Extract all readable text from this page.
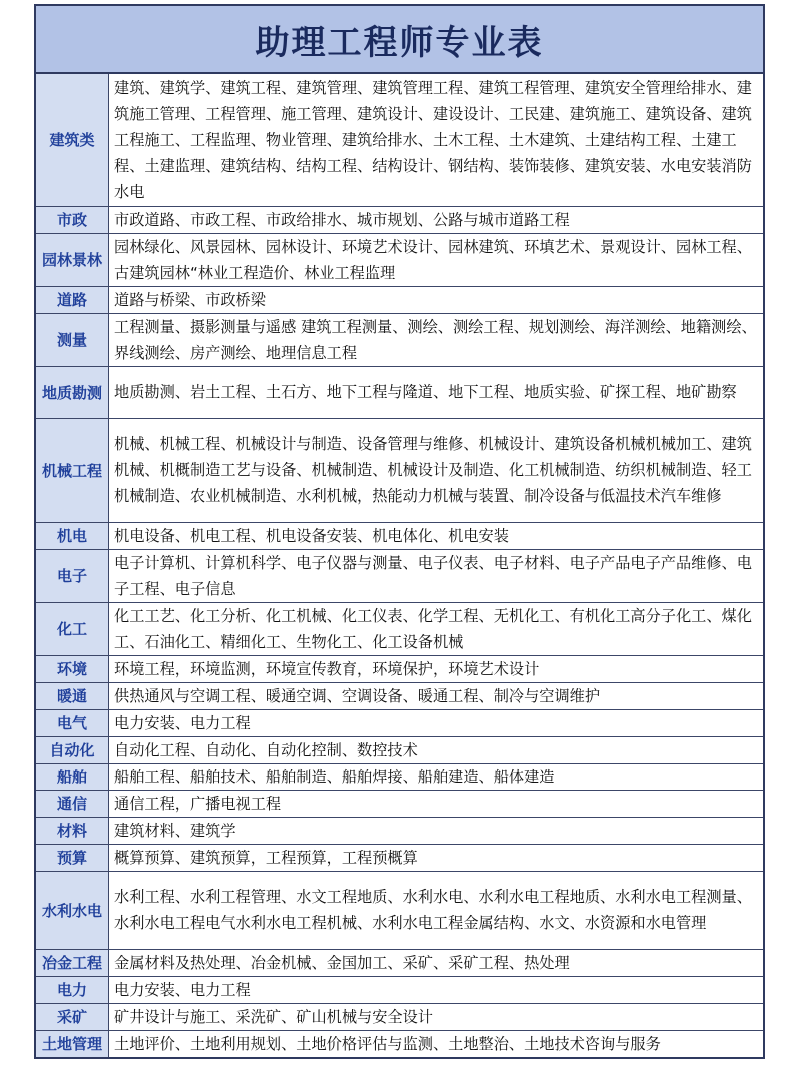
助理工程师专业表
建筑类	建筑、建筑学、建筑工程、建筑管理、建筑管理工程、建筑工程管理、建筑安全管理给排水、建筑施工管理、工程管理、施工管理、建筑设计、建设设计、工民建、建筑施工、建筑设备、建筑工程施工、工程监理、物业管理、建筑给排水、土木工程、土木建筑、土建结构工程、土建工程、土建监理、建筑结构、结构工程、结构设计、钢结构、装饰装修、建筑安装、水电安装消防水电
市政	市政道路、市政工程、市政给排水、城市规划、公路与城市道路工程
园林景林	园林绿化、风景园林、园林设计、环境艺术设计、园林建筑、环填艺术、景观设计、园林工程、古建筑园林“林业工程造价、林业工程监理
道路	道路与桥梁、市政桥梁
测量	工程测量、摄影测量与遥感 建筑工程测量、测绘、测绘工程、规划测绘、海洋测绘、地籍测绘、界线测绘、房产测绘、地理信息工程
地质勘测	地质勘测、岩土工程、土石方、地下工程与隆道、地下工程、地质实验、矿探工程、地矿勘察
机械工程	机械、机械工程、机械设计与制造、设备管理与维修、机械设计、建筑设备机械机械加工、建筑机械、机概制造工艺与设备、机械制造、机械设计及制造、化工机械制造、纺织机械制造、轻工机械制造、农业机械制造、水利机械，热能动力机械与装置、制冷设备与低温技术汽车维修
机电	机电设备、机电工程、机电设备安装、机电体化、机电安装
电子	电子计算机、计算机科学、电子仪器与测量、电子仪表、电子材料、电子产品电子产品维修、电子工程、电子信息
化工	化工工艺、化工分析、化工机械、化工仪表、化学工程、无机化工、有机化工高分子化工、煤化工、石油化工、精细化工、生物化工、化工设备机械
环境	环境工程，环境监测，环境宣传教育，环境保护，环境艺术设计
暖通	供热通风与空调工程、暖通空调、空调设备、暖通工程、制冷与空调维护
电气	电力安装、电力工程
自动化	自动化工程、自动化、自动化控制、数控技术
船舶	船舶工程、船舶技术、船舶制造、船舶焊接、船舶建造、船体建造
通信	通信工程，广播电视工程
材料	建筑材料、建筑学
预算	概算预算、建筑预算，工程预算，工程预概算
水利水电	水利工程、水利工程管理、水文工程地质、水利水电、水利水电工程地质、水利水电工程测量、水利水电工程电气水利水电工程机械、水利水电工程金属结构、水文、水资源和水电管理
冶金工程	金属材料及热处理、冶金机械、金国加工、采矿、采矿工程、热处理
电力	电力安装、电力工程
采矿	矿井设计与施工、采洗矿、矿山机械与安全设计
土地管理	土地评价、土地利用规划、土地价格评估与监测、土地整治、土地技术咨询与服务
